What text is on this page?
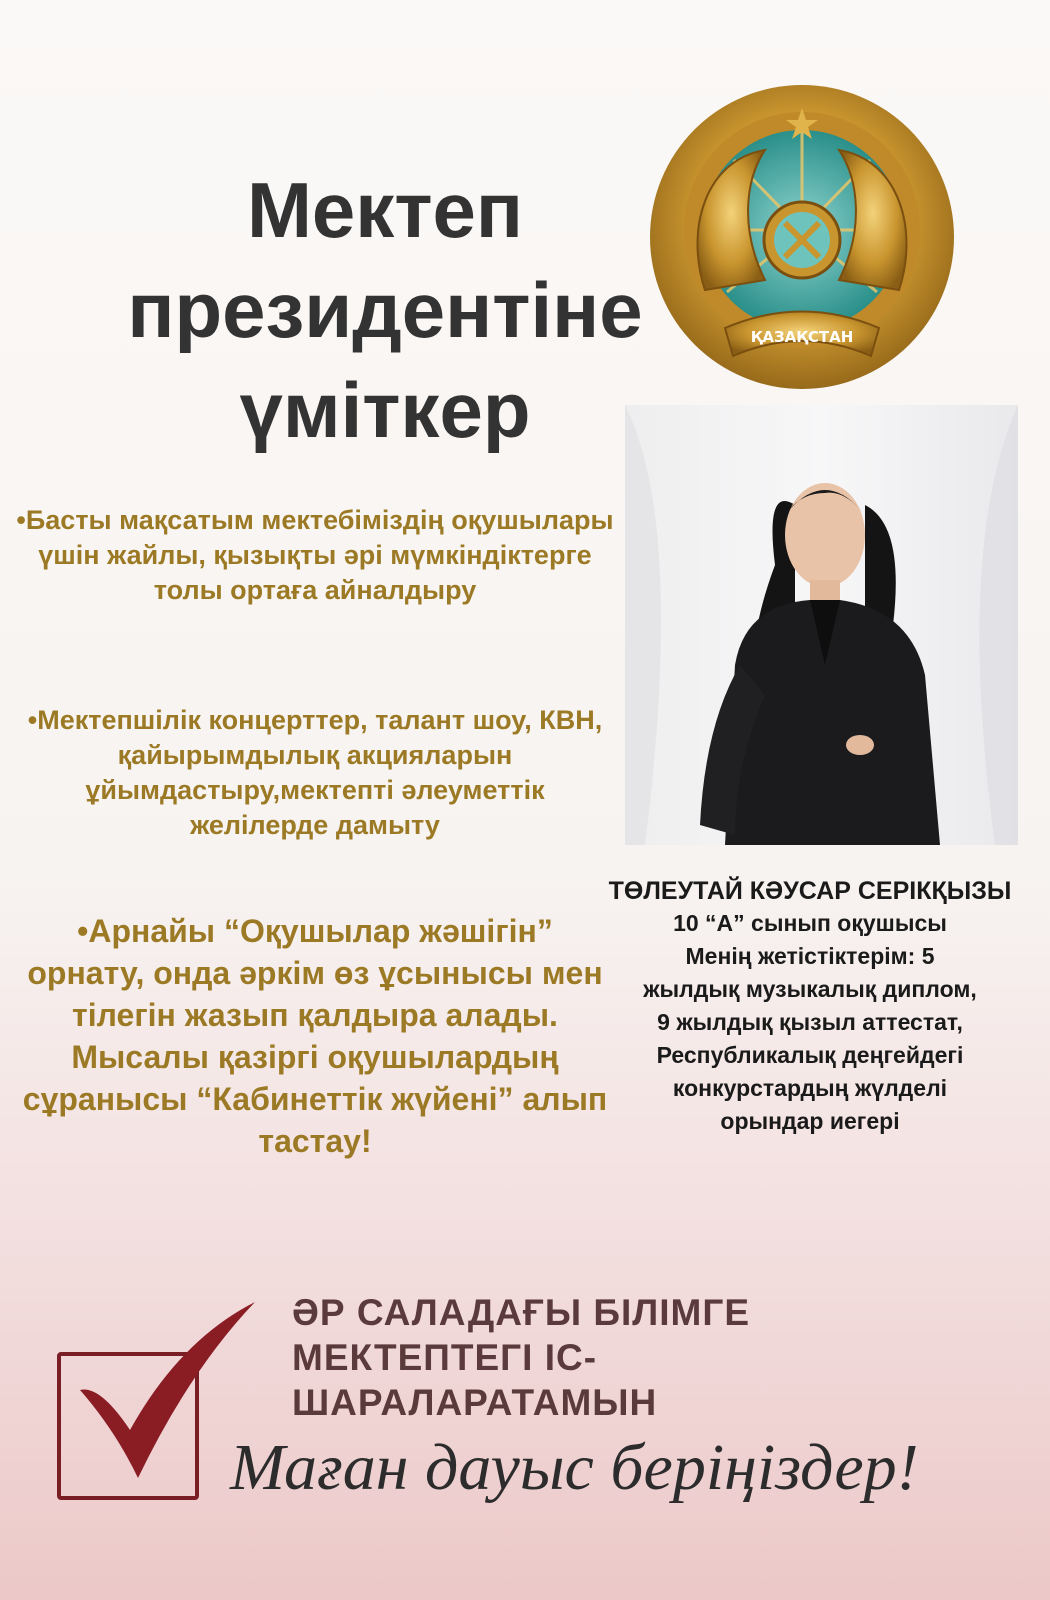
Мектеп
президентіне
үміткер
ҚАЗАҚСТАН
•Басты мақсатым мектебіміздің оқушылары үшін жайлы, қызықты әрі мүмкіндіктерге толы ортаға айналдыру
•Мектепшілік концерттер, талант шоу, КВН, қайырымдылық акцияларын ұйымдастыру,мектепті әлеуметтік желілерде дамыту
•Арнайы “Оқушылар жәшігін” орнату, онда әркім өз ұсынысы мен тілегін жазып қалдыра алады. Мысалы қазіргі оқушылардың сұранысы “Кабинеттік жүйені” алып тастау!
ТӨЛЕУТАЙ КӘУСАР СЕРІКҚЫЗЫ
10 “А” сынып оқушысы
Менің жетістіктерім: 5
жылдық музыкалық диплом,
9 жылдық қызыл аттестат,
Республикалық деңгейдегі
конкурстардың жүлделі
орындар иегері
ӘР САЛАДАҒЫ БІЛІМГЕ
МЕКТЕПТЕГІ ІС-
ШАРАЛАРАТАМЫН
Маған дауыс беріңіздер!
